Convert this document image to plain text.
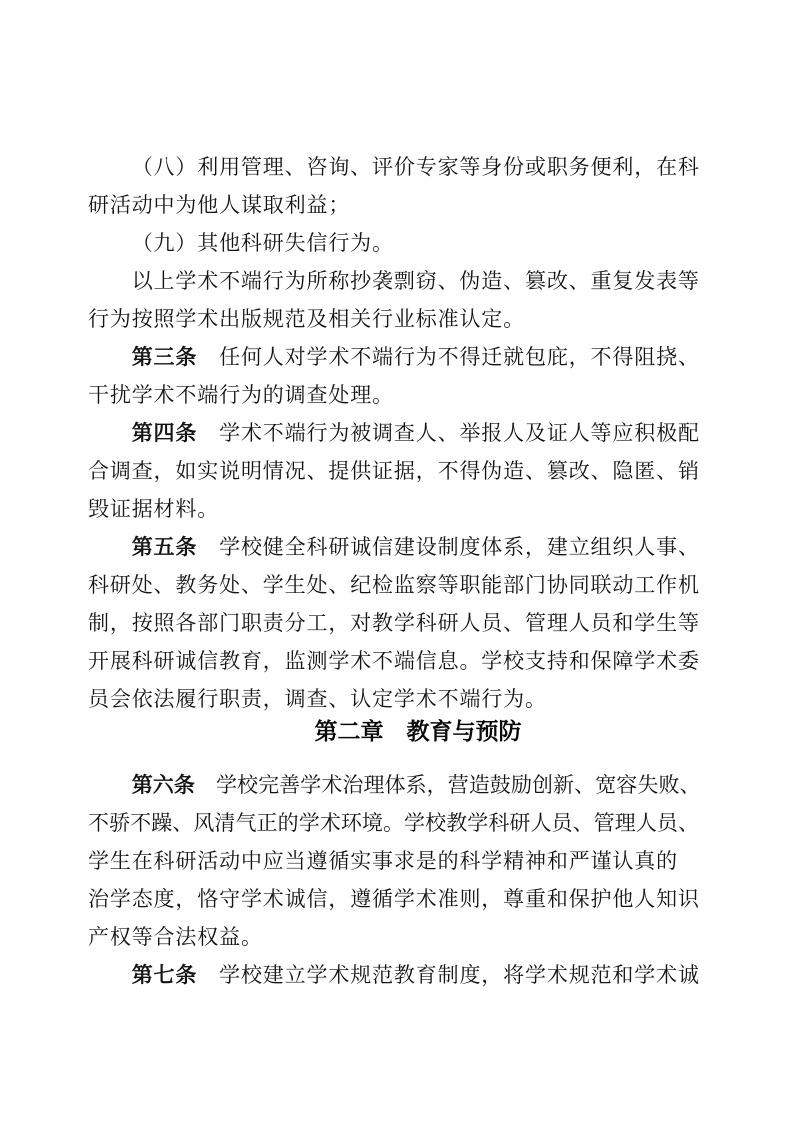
（八）利用管理、咨询、评价专家等身份或职务便利，在科
研活动中为他人谋取利益；
（九）其他科研失信行为。
以上学术不端行为所称抄袭剽窃、伪造、篡改、重复发表等
行为按照学术出版规范及相关行业标准认定。
第三条　任何人对学术不端行为不得迁就包庇，不得阻挠、
干扰学术不端行为的调查处理。
第四条　学术不端行为被调查人、举报人及证人等应积极配
合调查，如实说明情况、提供证据，不得伪造、篡改、隐匿、销
毁证据材料。
第五条　学校健全科研诚信建设制度体系，建立组织人事、
科研处、教务处、学生处、纪检监察等职能部门协同联动工作机
制，按照各部门职责分工，对教学科研人员、管理人员和学生等
开展科研诚信教育，监测学术不端信息。学校支持和保障学术委
员会依法履行职责，调查、认定学术不端行为。
第二章　教育与预防
第六条　学校完善学术治理体系，营造鼓励创新、宽容失败、
不骄不躁、风清气正的学术环境。学校教学科研人员、管理人员、
学生在科研活动中应当遵循实事求是的科学精神和严谨认真的
治学态度，恪守学术诚信，遵循学术准则，尊重和保护他人知识
产权等合法权益。
第七条　学校建立学术规范教育制度，将学术规范和学术诚
